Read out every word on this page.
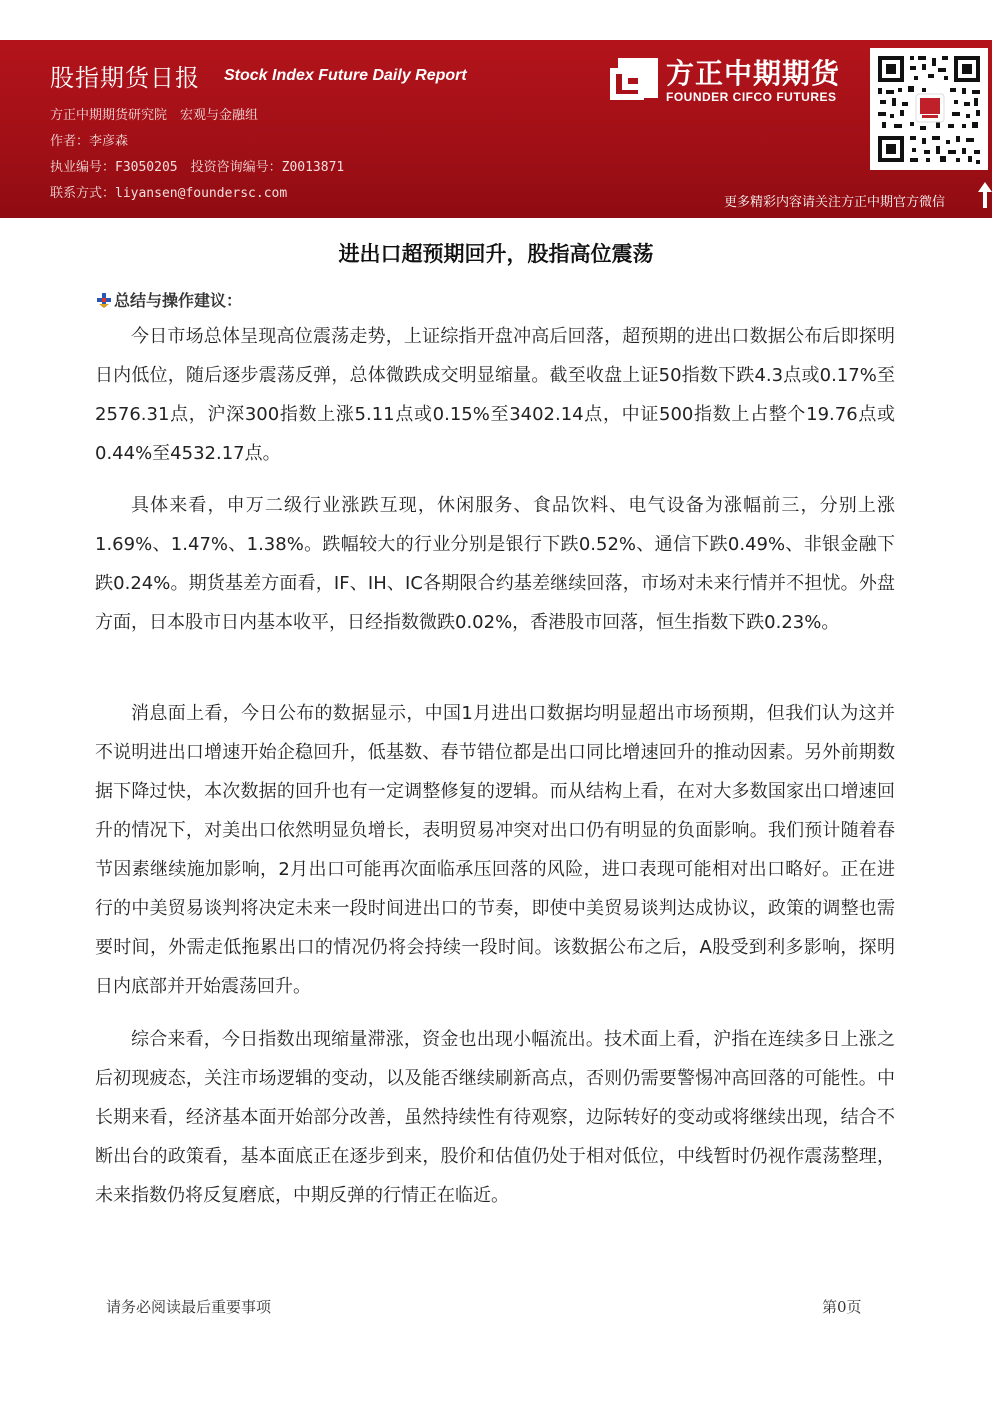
股指期货日报 Stock Index Future Daily Report
方正中期期货研究院　宏观与金融组
作者：李彦森
执业编号：F3050205　投资咨询编号：Z0013871
联系方式：liyansen@foundersc.com
方正中期期货
FOUNDER CIFCO FUTURES
更多精彩内容请关注方正中期官方微信
进出口超预期回升，股指高位震荡
总结与操作建议：

今日市场总体呈现高位震荡走势，上证综指开盘冲高后回落，超预期的进出口数据公布后即探明日内低位，随后逐步震荡反弹，总体微跌成交明显缩量。截至收盘上证50指数下跌4.3点或0.17%至2576.31点，沪深300指数上涨5.11点或0.15%至3402.14点，中证500指数上占整个19.76点或0.44%至4532.17点。

具体来看，申万二级行业涨跌互现，休闲服务、食品饮料、电气设备为涨幅前三，分别上涨1.69%、1.47%、1.38%。跌幅较大的行业分别是银行下跌0.52%、通信下跌0.49%、非银金融下跌0.24%。期货基差方面看，IF、IH、IC各期限合约基差继续回落，市场对未来行情并不担忧。外盘方面，日本股市日内基本收平，日经指数微跌0.02%，香港股市回落，恒生指数下跌0.23%。

消息面上看，今日公布的数据显示，中国1月进出口数据均明显超出市场预期，但我们认为这并不说明进出口增速开始企稳回升，低基数、春节错位都是出口同比增速回升的推动因素。另外前期数据下降过快，本次数据的回升也有一定调整修复的逻辑。而从结构上看，在对大多数国家出口增速回升的情况下，对美出口依然明显负增长，表明贸易冲突对出口仍有明显的负面影响。我们预计随着春节因素继续施加影响，2月出口可能再次面临承压回落的风险，进口表现可能相对出口略好。正在进行的中美贸易谈判将决定未来一段时间进出口的节奏，即使中美贸易谈判达成协议，政策的调整也需要时间，外需走低拖累出口的情况仍将会持续一段时间。该数据公布之后，A股受到利多影响，探明日内底部并开始震荡回升。

综合来看，今日指数出现缩量滞涨，资金也出现小幅流出。技术面上看，沪指在连续多日上涨之后初现疲态，关注市场逻辑的变动，以及能否继续刷新高点，否则仍需要警惕冲高回落的可能性。中长期来看，经济基本面开始部分改善，虽然持续性有待观察，边际转好的变动或将继续出现，结合不断出台的政策看，基本面底正在逐步到来，股价和估值仍处于相对低位，中线暂时仍视作震荡整理，未来指数仍将反复磨底，中期反弹的行情正在临近。

请务必阅读最后重要事项	第0页
